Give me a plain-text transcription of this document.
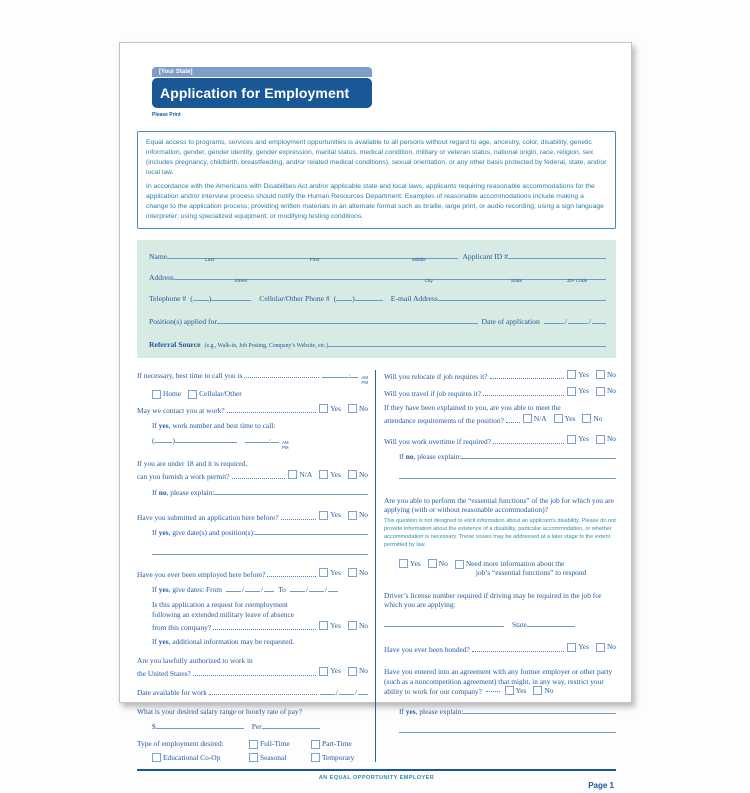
[Your State]
Application for Employment
Please Print

Equal access to programs, services and employment opportunities is available to all persons without regard to age, ancestry, color, disability, genetic information, gender, gender identity, gender expression, marital status, medical condition, military or veteran status, national origin, race, religion, sex (includes pregnancy, childbirth, breastfeeding, and/or related medical conditions), sexual orientation, or any other basis protected by federal, state, and/or local law.

In accordance with the Americans with Disabilities Act and/or applicable state and local laws, applicants requiring reasonable accommodations for the application and/or interview process should notify the Human Resources Department. Examples of reasonable accommodations include making a change to the application process; providing written materials in an alternate format such as braille, large print, or audio recording; using a sign language interpreter; using specialized equipment; or modifying testing conditions.

Name	Last	First	Middle	Applicant ID #
Address	Street	City	State	ZIP Code
Telephone # ( )	Cellular/Other Phone # ( )	E-mail Address
Position(s) applied for	Date of application	/	/
Referral Source (e.g., Walk-in, Job Posting, Company’s Website, etc.)
If necessary, best time to call you is	:	AM
PM
Home Cellular/Other
May we contact you at work?	Yes No
If yes, work number and best time to call:
( )	:	AM
PM
If you are under 18 and it is required,
can you furnish a work permit?	N/A Yes No
If no, please explain:
Have you submitted an application here before?	Yes No
If yes, give date(s) and position(s):
Have you ever been employed here before?	Yes No
If yes, give dates: From	/ / To	/ /
Is this application a request for reemployment
following an extended military leave of absence
from this company?	Yes No
If yes, additional information may be requested.
Are you lawfully authorized to work in
the United States?	Yes No
Date available for work	/ /
What is your desired salary range or hourly rate of pay?
$	Per
Type of employment desired:	Full-Time	Part-Time
Educational Co-Op	Seasonal	Temporary
Will you relocate if job requires it?	Yes No
Will you travel if job requires it?	Yes No
If they have been explained to you, are you able to meet the
attendance requirements of the position?	N/A Yes No
Will you work overtime if required?	Yes No
If no, please explain:
Are you able to perform the “essential functions” of the job for which you are applying (with or without reasonable accommodation)?
This question is not designed to elicit information about an applicant’s disability. Please do not provide information about the existence of a disability, particular accommodation, or whether accommodation is necessary. These issues may be addressed at a later stage to the extent permitted by law.
Yes No Need more information about the
job’s “essential functions” to respond
Driver’s license number required if driving may be required in the job for which you are applying:
State
Have you ever been bonded?	Yes No
Have you entered into an agreement with any former employer or other party (such as a noncompetition agreement) that might, in any way, restrict your ability to work for our company?	Yes No
If yes, please explain:
AN EQUAL OPPORTUNITY EMPLOYER
Page 1
